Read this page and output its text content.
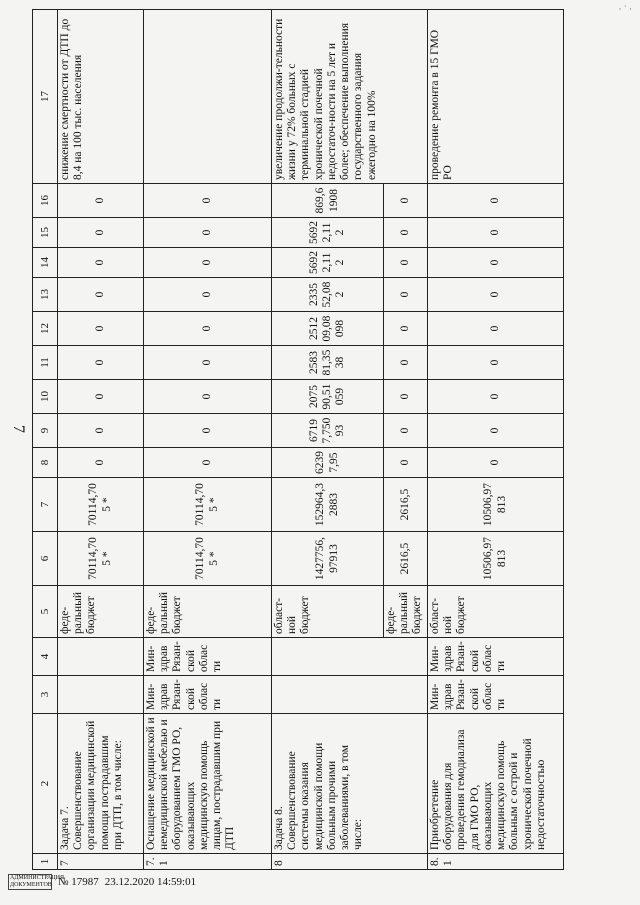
· ˙ ·
7
1	2	3	4	5	6	7	8	9	10	11	12	13	14	15	16	17
7	Задача 7. Совершенствование организации медицинской помощи пострадавшим при ДТП, в том числе:			феде-ральный бюджет	70114,705 *	70114,705 *	0	0	0	0	0	0	0	0	0	снижение смертности от ДТП до 8,4 на 100 тыс. населения
7.1	Оснащение медицинской и немедицинской мебелью и оборудованием ГМО РО, оказывающих медицинскую помощь лицам, пострадавшим при ДТП	Мин-здрав Рязан-ской области	Мин-здрав Рязан-ской области	феде-ральный бюджет	70114,705 *	70114,705 *	0	0	0	0	0	0	0	0	0	
8	Задача 8. Совершенствование системы оказания медицинской помощи больным прочими заболеваниями, в том числе:			област-ной бюджет	1427756,97913	152964,32883	62397,95	67197,75093	207590,51059	258381,3538	251209,08098	233552,082	56922,112	56922,112	869,61908	увеличение продолжи-тельности жизни у 72% больных с терминальной стадией хронической почечной недостаточ-ности на 5 лет и более; обеспечение выполнения государственного задания ежегодно на 100%
				феде-ральный бюджет	2616,5	2616,5	0	0	0	0	0	0	0	0	0	
8.1	Приобретение оборудования для проведения гемодиализа для ГМО РО, оказывающих медицинскую помощь больным с острой и хронической почечной недостаточностью	Мин-здрав Рязан-ской области	Мин-здрав Рязан-ской области	област-ной бюджет	10506,97813	10506,97813	0	0	0	0	0	0	0	0	0	проведение ремонта в 15 ГМО РО
АДМИНИСТРАЦИЯ ДОКУМЕНТОВ № 17987 23.12.2020 14:59:01
